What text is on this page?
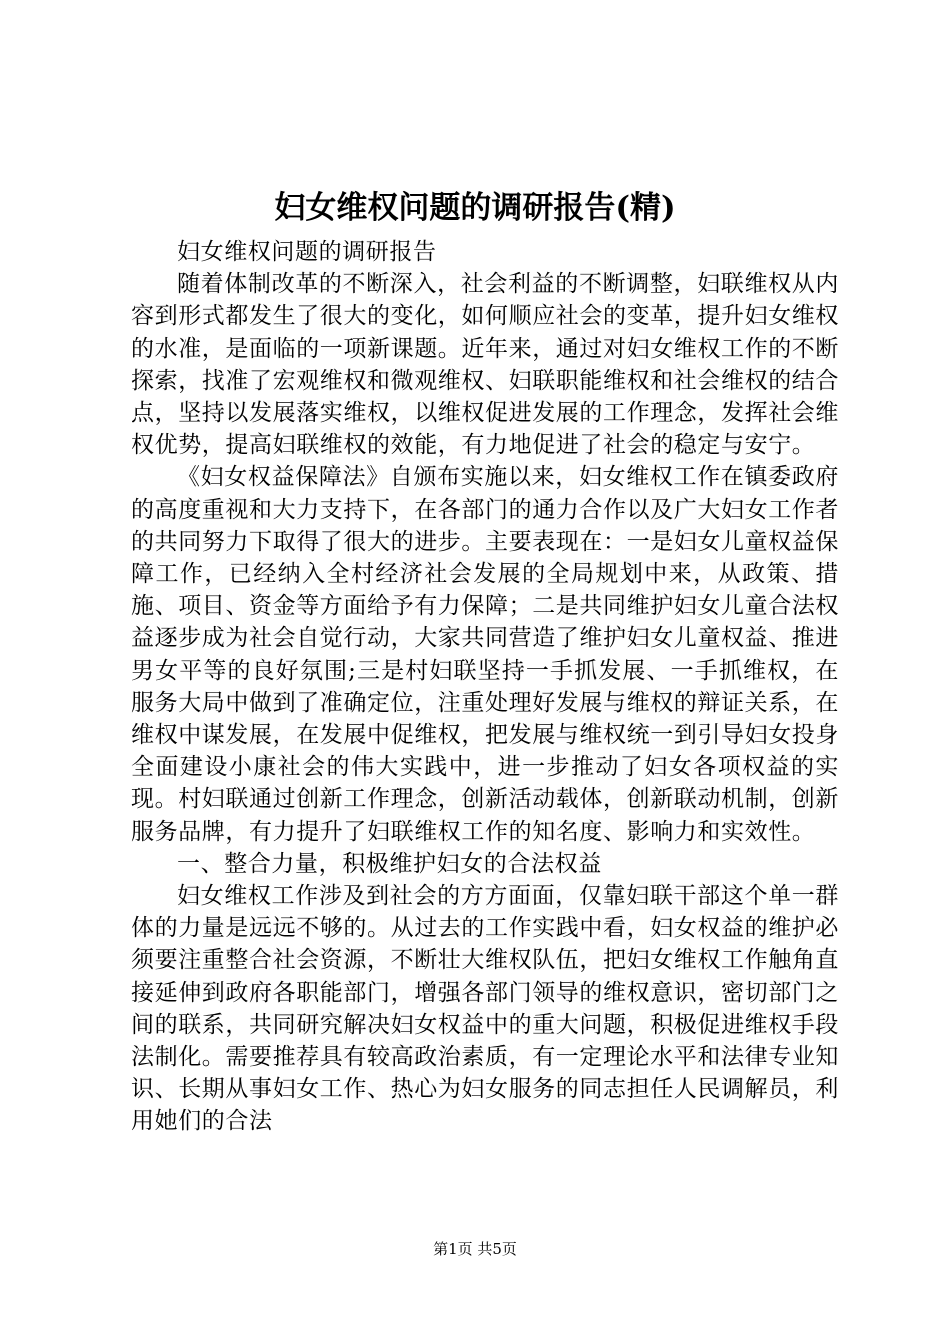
妇女维权问题的调研报告(精)

妇女维权问题的调研报告

随着体制改革的不断深入，社会利益的不断调整，妇联维权从内容到形式都发生了很大的变化，如何顺应社会的变革，提升妇女维权的水准，是面临的一项新课题。近年来，通过对妇女维权工作的不断探索，找准了宏观维权和微观维权、妇联职能维权和社会维权的结合点，坚持以发展落实维权，以维权促进发展的工作理念，发挥社会维权优势，提高妇联维权的效能，有力地促进了社会的稳定与安宁。

《妇女权益保障法》自颁布实施以来，妇女维权工作在镇委政府的高度重视和大力支持下，在各部门的通力合作以及广大妇女工作者的共同努力下取得了很大的进步。主要表现在：一是妇女儿童权益保障工作，已经纳入全村经济社会发展的全局规划中来，从政策、措施、项目、资金等方面给予有力保障；二是共同维护妇女儿童合法权益逐步成为社会自觉行动，大家共同营造了维护妇女儿童权益、推进男女平等的良好氛围;三是村妇联坚持一手抓发展、一手抓维权，在服务大局中做到了准确定位，注重处理好发展与维权的辩证关系，在维权中谋发展，在发展中促维权，把发展与维权统一到引导妇女投身全面建设小康社会的伟大实践中，进一步推动了妇女各项权益的实现。村妇联通过创新工作理念，创新活动载体，创新联动机制，创新服务品牌，有力提升了妇联维权工作的知名度、影响力和实效性。

一、整合力量，积极维护妇女的合法权益

妇女维权工作涉及到社会的方方面面，仅靠妇联干部这个单一群体的力量是远远不够的。从过去的工作实践中看，妇女权益的维护必须要注重整合社会资源，不断壮大维权队伍，把妇女维权工作触角直接延伸到政府各职能部门，增强各部门领导的维权意识，密切部门之间的联系，共同研究解决妇女权益中的重大问题，积极促进维权手段法制化。需要推荐具有较高政治素质，有一定理论水平和法律专业知识、长期从事妇女工作、热心为妇女服务的同志担任人民调解员，利用她们的合法

第1页 共5页
